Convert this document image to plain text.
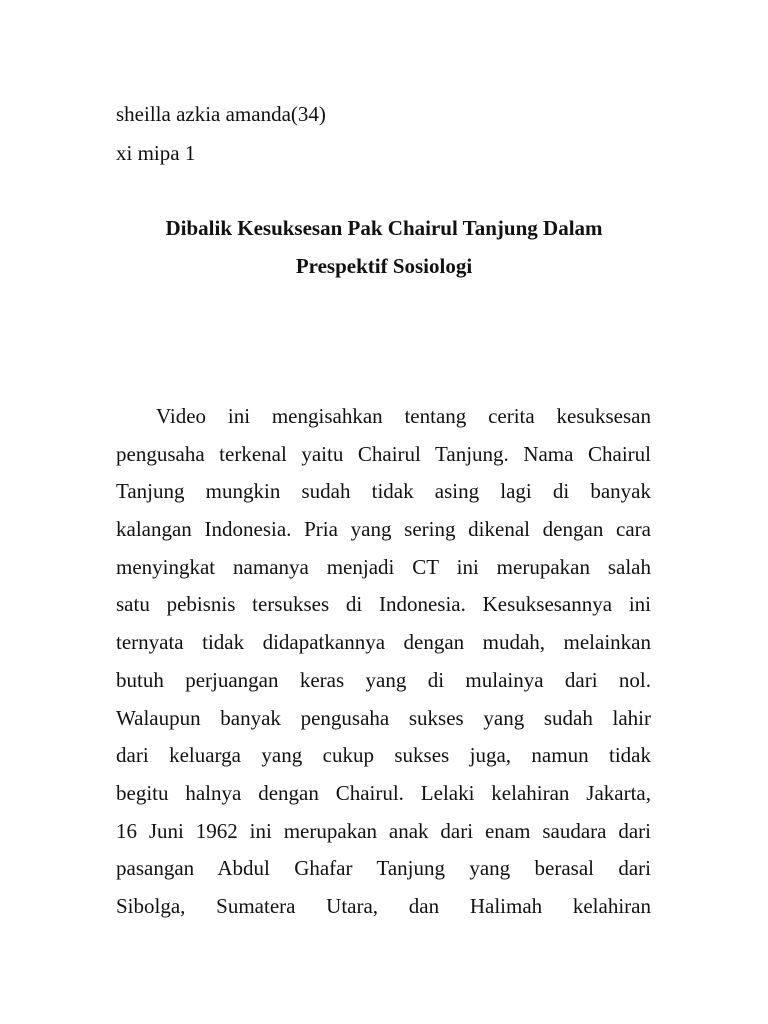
sheilla azkia amanda(34)
xi mipa 1
Dibalik Kesuksesan Pak Chairul Tanjung Dalam
Prespektif Sosiologi
Video ini mengisahkan tentang cerita kesuksesan
pengusaha terkenal yaitu Chairul Tanjung. Nama Chairul
Tanjung mungkin sudah tidak asing lagi di banyak
kalangan Indonesia. Pria yang sering dikenal dengan cara
menyingkat namanya menjadi CT ini merupakan salah
satu pebisnis tersukses di Indonesia. Kesuksesannya ini
ternyata tidak didapatkannya dengan mudah, melainkan
butuh perjuangan keras yang di mulainya dari nol.
Walaupun banyak pengusaha sukses yang sudah lahir
dari keluarga yang cukup sukses juga, namun tidak
begitu halnya dengan Chairul. Lelaki kelahiran Jakarta,
16 Juni 1962 ini merupakan anak dari enam saudara dari
pasangan Abdul Ghafar Tanjung yang berasal dari
Sibolga, Sumatera Utara, dan Halimah kelahiran
